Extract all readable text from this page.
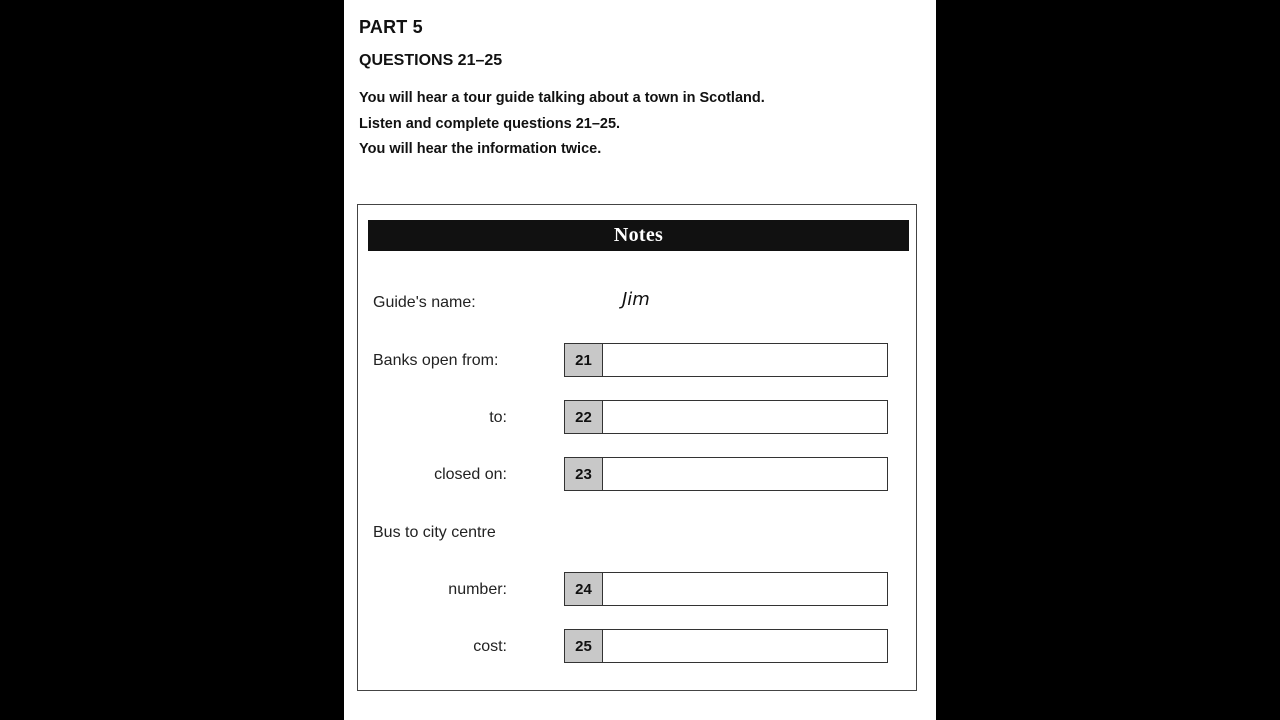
PART 5
QUESTIONS 21–25
You will hear a tour guide talking about a town in Scotland.
Listen and complete questions 21–25.
You will hear the information twice.
Notes
Guide's name:	Jim
Banks open from:	21
to:	22
closed on:	23
Bus to city centre
number:	24
cost:	25
